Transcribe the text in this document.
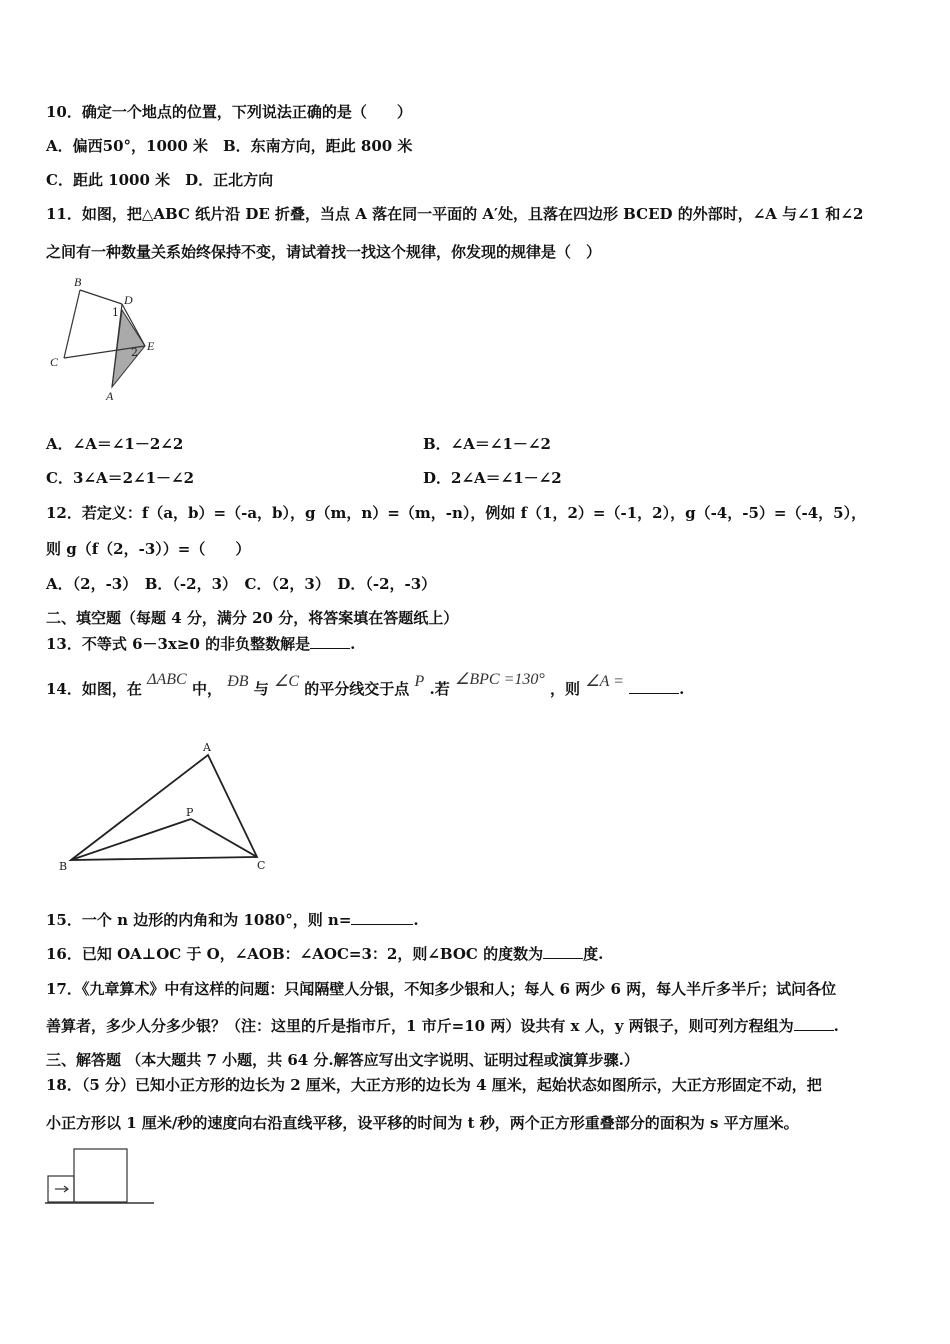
10．确定一个地点的位置，下列说法正确的是（　　）
A．偏西50°，1000 米　B．东南方向，距此 800 米
C．距此 1000 米　D．正北方向
11．如图，把△ABC 纸片沿 DE 折叠，当点 A 落在同一平面的 A′处，且落在四边形 BCED 的外部时，∠A 与∠1 和∠2
之间有一种数量关系始终保持不变，请试着找一找这个规律，你发现的规律是（　）
B
D
C
E
A
1
2
A．∠A＝∠1－2∠2	B．∠A＝∠1－∠2
C．3∠A＝2∠1－∠2	D．2∠A＝∠1－∠2
12．若定义：f（a，b）=（-a，b），g（m，n）=（m，-n），例如 f（1，2）=（-1，2），g（-4，-5）=（-4，5），
则 g（f（2，-3））=（　　）
A．（2，-3）　B．（-2，3）　C．（2，3）　D．（-2，-3）
二、填空题（每题 4 分，满分 20 分，将答案填在答题纸上）
13．不等式 6－3x≥0 的非负整数解是	.
14．如图，在 ΔABC 中， ÐB 与 ∠C 的平分线交于点 P .若 ∠BPC =130° ，则 ∠A =	.
A
P
B	C
15．一个 n 边形的内角和为 1080°，则 n=	.
16．已知 OA⊥OC 于 O，∠AOB：∠AOC=3：2，则∠BOC 的度数为	度.
17．《九章算术》中有这样的问题：只闻隔壁人分银，不知多少银和人；每人 6 两少 6 两，每人半斤多半斤；试问各位
善算者，多少人分多少银？（注：这里的斤是指市斤，1 市斤=10 两）设共有 x 人，y 两银子，则可列方程组为	.
三、解答题 （本大题共 7 小题，共 64 分.解答应写出文字说明、证明过程或演算步骤.）
18．（5 分）已知小正方形的边长为 2 厘米，大正方形的边长为 4 厘米，起始状态如图所示，大正方形固定不动，把
小正方形以 1 厘米/秒的速度向右沿直线平移，设平移的时间为 t 秒，两个正方形重叠部分的面积为 s 平方厘米。
